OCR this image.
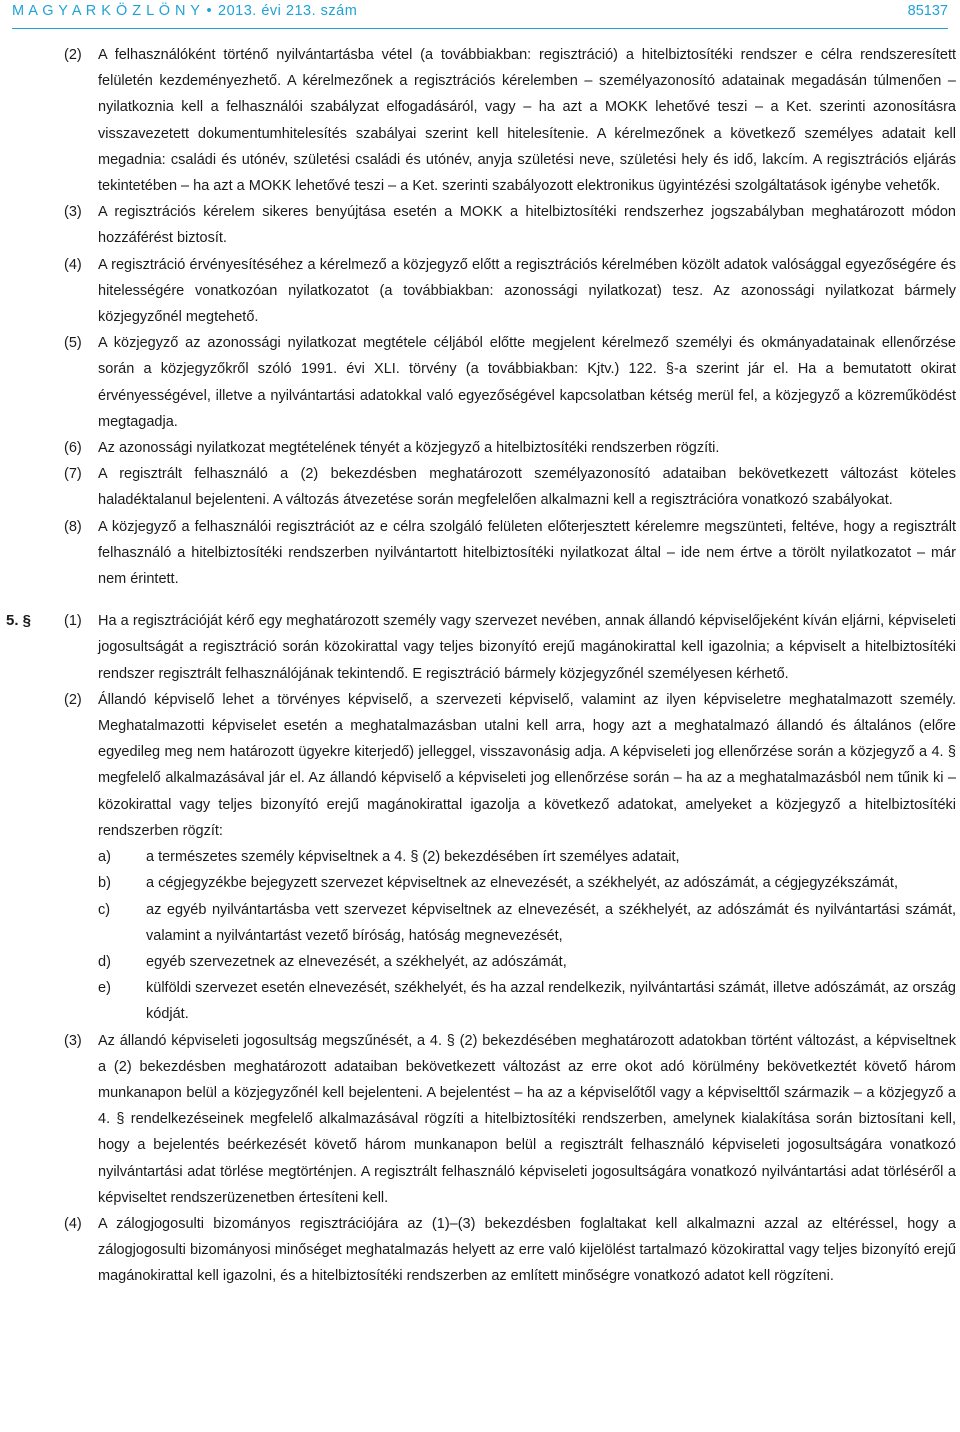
M A G Y A R K Ö Z L Ö N Y • 2013. évi 213. szám	85137
(2) A felhasználóként történő nyilvántartásba vétel (a továbbiakban: regisztráció) a hitelbiztosítéki rendszer e célra rendszeresített felületén kezdeményezhető. A kérelmezőnek a regisztrációs kérelemben – személyazonosító adatainak megadásán túlmenően – nyilatkoznia kell a felhasználói szabályzat elfogadásáról, vagy – ha azt a MOKK lehetővé teszi – a Ket. szerinti azonosításra visszavezetett dokumentumhitelesítés szabályai szerint kell hitelesítenie. A kérelmezőnek a következő személyes adatait kell megadnia: családi és utónév, születési családi és utónév, anyja születési neve, születési hely és idő, lakcím. A regisztrációs eljárás tekintetében – ha azt a MOKK lehetővé teszi – a Ket. szerinti szabályozott elektronikus ügyintézési szolgáltatások igénybe vehetők.
(3) A regisztrációs kérelem sikeres benyújtása esetén a MOKK a hitelbiztosítéki rendszerhez jogszabályban meghatározott módon hozzáférést biztosít.
(4) A regisztráció érvényesítéséhez a kérelmező a közjegyző előtt a regisztrációs kérelmében közölt adatok valósággal egyezőségére és hitelességére vonatkozóan nyilatkozatot (a továbbiakban: azonossági nyilatkozat) tesz. Az azonossági nyilatkozat bármely közjegyzőnél megtehető.
(5) A közjegyző az azonossági nyilatkozat megtétele céljából előtte megjelent kérelmező személyi és okmányadatainak ellenőrzése során a közjegyzőkről szóló 1991. évi XLI. törvény (a továbbiakban: Kjtv.) 122. §-a szerint jár el. Ha a bemutatott okirat érvényességével, illetve a nyilvántartási adatokkal való egyezőségével kapcsolatban kétség merül fel, a közjegyző a közreműködést megtagadja.
(6) Az azonossági nyilatkozat megtételének tényét a közjegyző a hitelbiztosítéki rendszerben rögzíti.
(7) A regisztrált felhasználó a (2) bekezdésben meghatározott személyazonosító adataiban bekövetkezett változást köteles haladéktalanul bejelenteni. A változás átvezetése során megfelelően alkalmazni kell a regisztrációra vonatkozó szabályokat.
(8) A közjegyző a felhasználói regisztrációt az e célra szolgáló felületen előterjesztett kérelemre megszünteti, feltéve, hogy a regisztrált felhasználó a hitelbiztosítéki rendszerben nyilvántartott hitelbiztosítéki nyilatkozat által – ide nem értve a törölt nyilatkozatot – már nem érintett.
5. § (1) Ha a regisztrációját kérő egy meghatározott személy vagy szervezet nevében, annak állandó képviselőjeként kíván eljárni, képviseleti jogosultságát a regisztráció során közokirattal vagy teljes bizonyító erejű magánokirattal kell igazolnia; a képviselt a hitelbiztosítéki rendszer regisztrált felhasználójának tekintendő. E regisztráció bármely közjegyzőnél személyesen kérhető.
(2) Állandó képviselő lehet a törvényes képviselő, a szervezeti képviselő, valamint az ilyen képviseletre meghatalmazott személy. Meghatalmazotti képviselet esetén a meghatalmazásban utalni kell arra, hogy azt a meghatalmazó állandó és általános (előre egyedileg meg nem határozott ügyekre kiterjedő) jelleggel, visszavonásig adja. A képviseleti jog ellenőrzése során a közjegyző a 4. § megfelelő alkalmazásával jár el. Az állandó képviselő a képviseleti jog ellenőrzése során – ha az a meghatalmazásból nem tűnik ki – közokirattal vagy teljes bizonyító erejű magánokirattal igazolja a következő adatokat, amelyeket a közjegyző a hitelbiztosítéki rendszerben rögzít:
a) a természetes személy képviseltnek a 4. § (2) bekezdésében írt személyes adatait,
b) a cégjegyzékbe bejegyzett szervezet képviseltnek az elnevezését, a székhelyét, az adószámát, a cégjegyzékszámát,
c) az egyéb nyilvántartásba vett szervezet képviseltnek az elnevezését, a székhelyét, az adószámát és nyilvántartási számát, valamint a nyilvántartást vezető bíróság, hatóság megnevezését,
d) egyéb szervezetnek az elnevezését, a székhelyét, az adószámát,
e) külföldi szervezet esetén elnevezését, székhelyét, és ha azzal rendelkezik, nyilvántartási számát, illetve adószámát, az ország kódját.
(3) Az állandó képviseleti jogosultság megszűnését, a 4. § (2) bekezdésében meghatározott adatokban történt változást, a képviseltnek a (2) bekezdésben meghatározott adataiban bekövetkezett változást az erre okot adó körülmény bekövetkeztét követő három munkanapon belül a közjegyzőnél kell bejelenteni. A bejelentést – ha az a képviselőtől vagy a képviselttől származik – a közjegyző a 4. § rendelkezéseinek megfelelő alkalmazásával rögzíti a hitelbiztosítéki rendszerben, amelynek kialakítása során biztosítani kell, hogy a bejelentés beérkezését követő három munkanapon belül a regisztrált felhasználó képviseleti jogosultságára vonatkozó nyilvántartási adat törlése megtörténjen. A regisztrált felhasználó képviseleti jogosultságára vonatkozó nyilvántartási adat törléséről a képviseltet rendszerüzenetben értesíteni kell.
(4) A zálogjogosulti bizományos regisztrációjára az (1)–(3) bekezdésben foglaltakat kell alkalmazni azzal az eltéréssel, hogy a zálogjogosulti bizományosi minőséget meghatalmazás helyett az erre való kijelölést tartalmazó közokirattal vagy teljes bizonyító erejű magánokirattal kell igazolni, és a hitelbiztosítéki rendszerben az említett minőségre vonatkozó adatot kell rögzíteni.
